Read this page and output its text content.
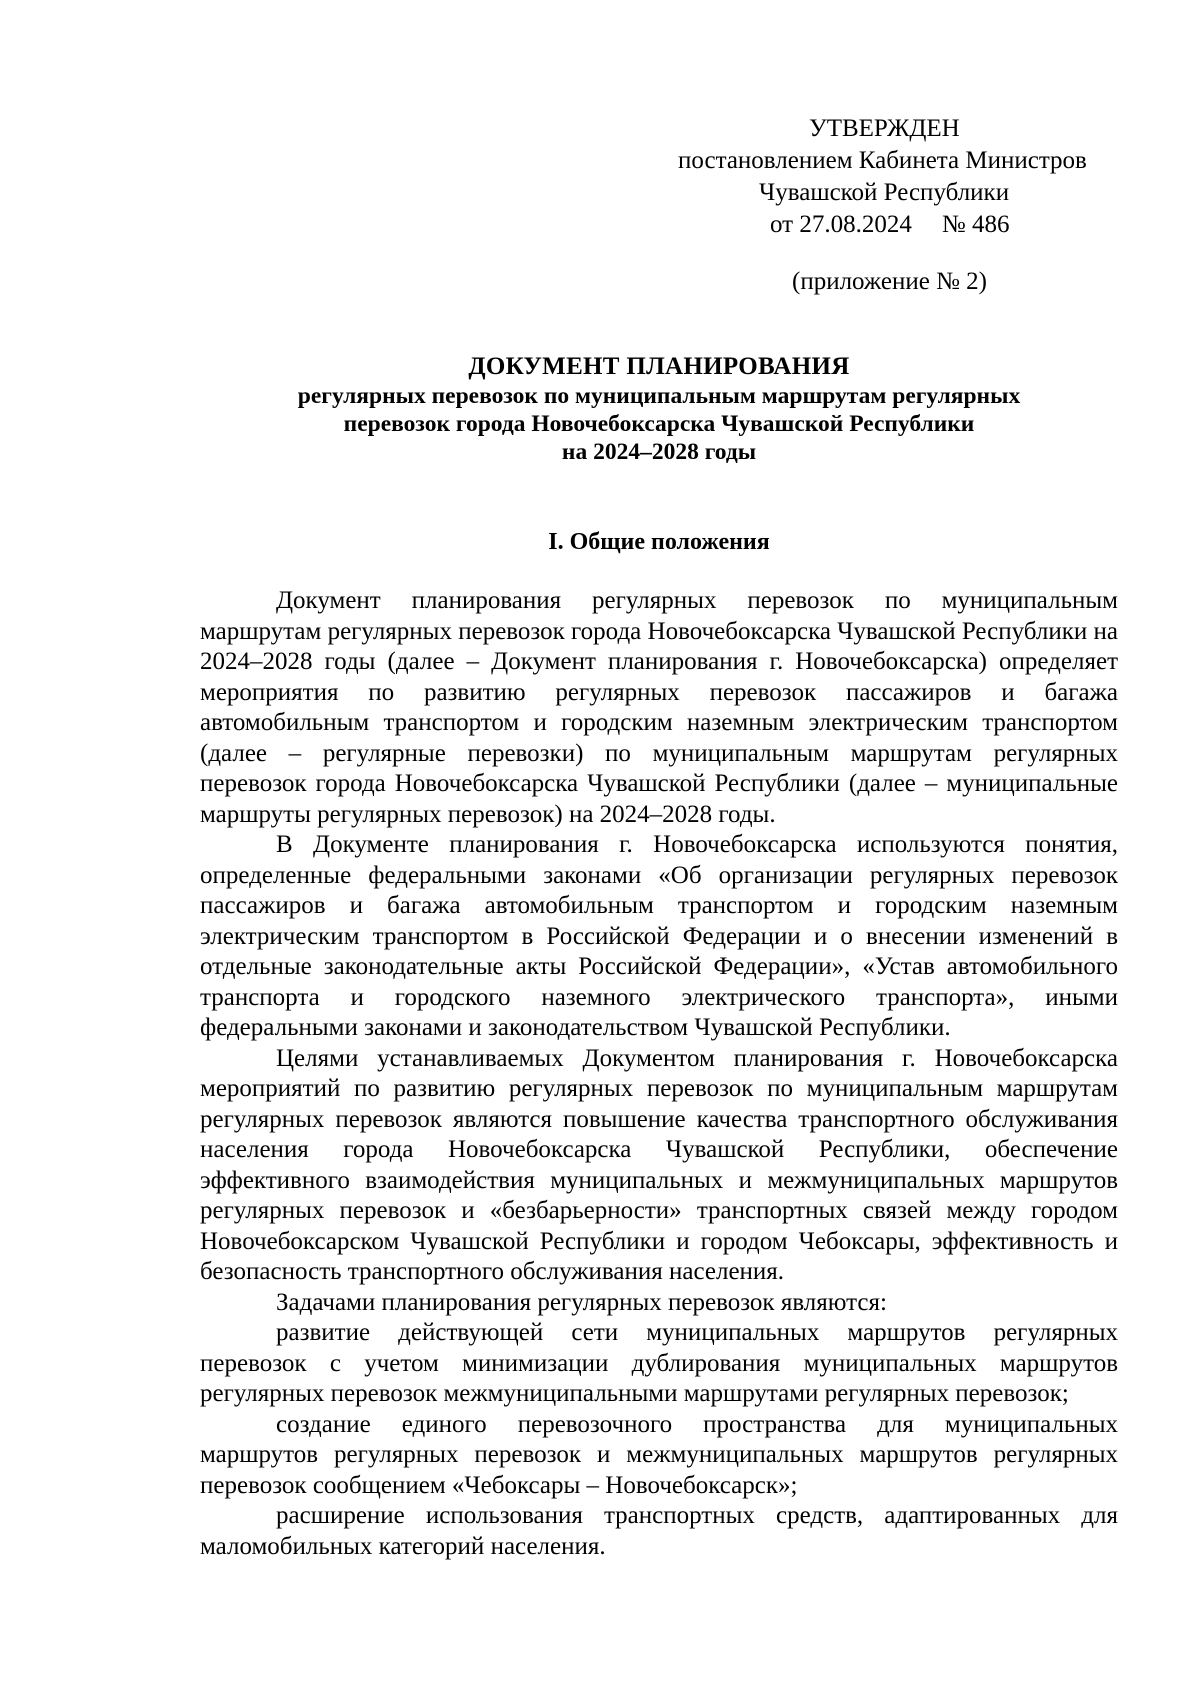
УТВЕРЖДЕН
постановлением Кабинета Министров
Чувашской Республики
от 27.08.2024 № 486
(приложение № 2)
ДОКУМЕНТ ПЛАНИРОВАНИЯ
регулярных перевозок по муниципальным маршрутам регулярных
перевозок города Новочебоксарска Чувашской Республики
на 2024–2028 годы
I. Общие положения

Документ планирования регулярных перевозок по муниципальным маршрутам регулярных перевозок города Новочебоксарска Чувашской Республики на 2024–2028 годы (далее – Документ планирования г. Новочебоксарска) определяет мероприятия по развитию регулярных перевозок пассажиров и багажа автомобильным транспортом и городским наземным электрическим транспортом (далее – регулярные перевозки) по муниципальным маршрутам регулярных перевозок города Новочебоксарска Чувашской Республики (далее – муниципальные маршруты регулярных перевозок) на 2024–2028 годы.

В Документе планирования г. Новочебоксарска используются понятия, определенные федеральными законами «Об организации регулярных перевозок пассажиров и багажа автомобильным транспортом и городским наземным электрическим транспортом в Российской Федерации и о внесении изменений в отдельные законодательные акты Российской Федерации», «Устав автомобильного транспорта и городского наземного электрического транспорта», иными федеральными законами и законодательством Чувашской Республики.

Целями устанавливаемых Документом планирования г. Новочебоксарска мероприятий по развитию регулярных перевозок по муниципальным маршрутам регулярных перевозок являются повышение качества транспортного обслуживания населения города Новочебоксарска Чувашской Республики, обеспечение эффективного взаимодействия муниципальных и межмуниципальных маршрутов регулярных перевозок и «безбарьерности» транспортных связей между городом Новочебоксарском Чувашской Республики и городом Чебоксары, эффективность и безопасность транспортного обслуживания населения.

Задачами планирования регулярных перевозок являются:

развитие действующей сети муниципальных маршрутов регулярных перевозок с учетом минимизации дублирования муниципальных маршрутов регулярных перевозок межмуниципальными маршрутами регулярных перевозок;

создание единого перевозочного пространства для муниципальных маршрутов регулярных перевозок и межмуниципальных маршрутов регулярных перевозок сообщением «Чебоксары – Новочебоксарск»;

расширение использования транспортных средств, адаптированных для маломобильных категорий населения.
